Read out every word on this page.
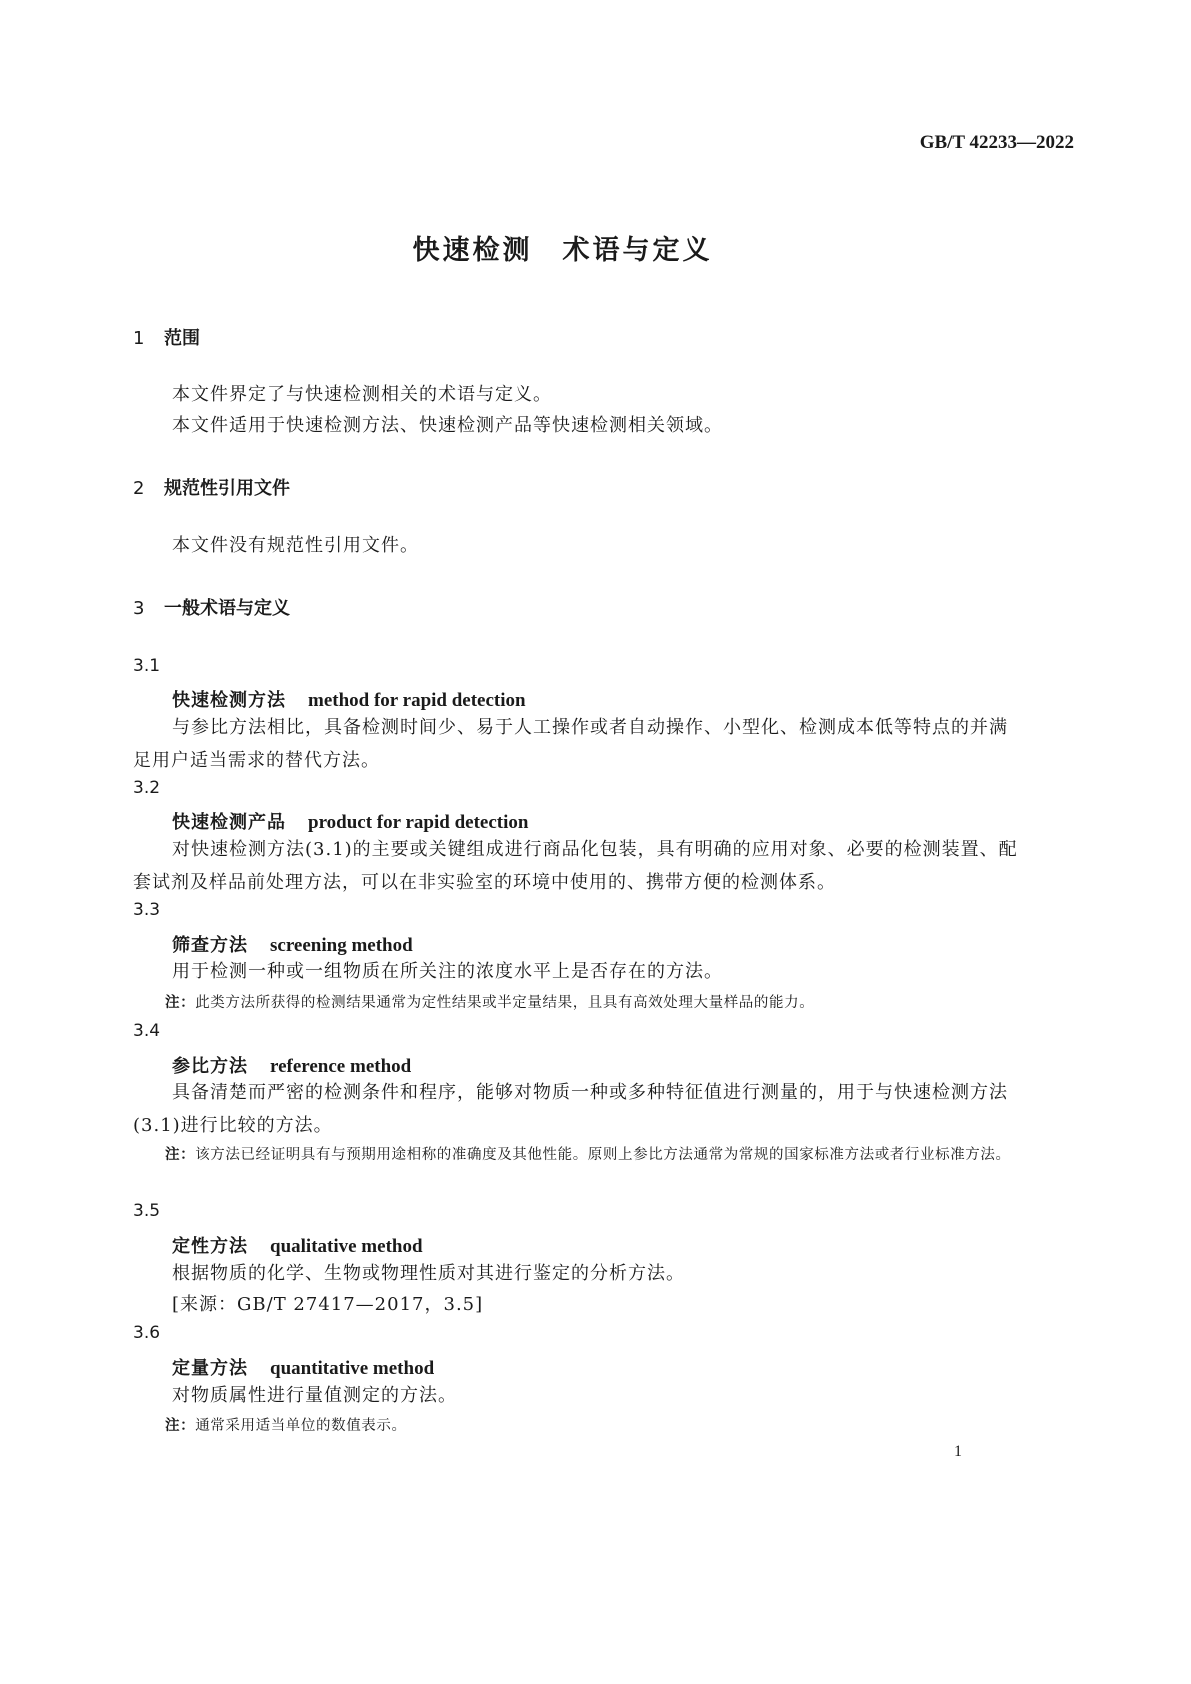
GB/T 42233—2022
快速检测　术语与定义
1 范围
本文件界定了与快速检测相关的术语与定义。
本文件适用于快速检测方法、快速检测产品等快速检测相关领域。
2 规范性引用文件
本文件没有规范性引用文件。
3 一般术语与定义
3.1
快速检测方法 method for rapid detection
与参比方法相比，具备检测时间少、易于人工操作或者自动操作、小型化、检测成本低等特点的并满足用户适当需求的替代方法。
3.2
快速检测产品 product for rapid detection
对快速检测方法(3.1)的主要或关键组成进行商品化包装，具有明确的应用对象、必要的检测装置、配套试剂及样品前处理方法，可以在非实验室的环境中使用的、携带方便的检测体系。
3.3
筛查方法 screening method
用于检测一种或一组物质在所关注的浓度水平上是否存在的方法。
注：此类方法所获得的检测结果通常为定性结果或半定量结果，且具有高效处理大量样品的能力。
3.4
参比方法 reference method
具备清楚而严密的检测条件和程序，能够对物质一种或多种特征值进行测量的，用于与快速检测方法(3.1)进行比较的方法。
注：该方法已经证明具有与预期用途相称的准确度及其他性能。原则上参比方法通常为常规的国家标准方法或者行业标准方法。
3.5
定性方法 qualitative method
根据物质的化学、生物或物理性质对其进行鉴定的分析方法。
[来源：GB/T 27417—2017，3.5]
3.6
定量方法 quantitative method
对物质属性进行量值测定的方法。
注：通常采用适当单位的数值表示。
1
